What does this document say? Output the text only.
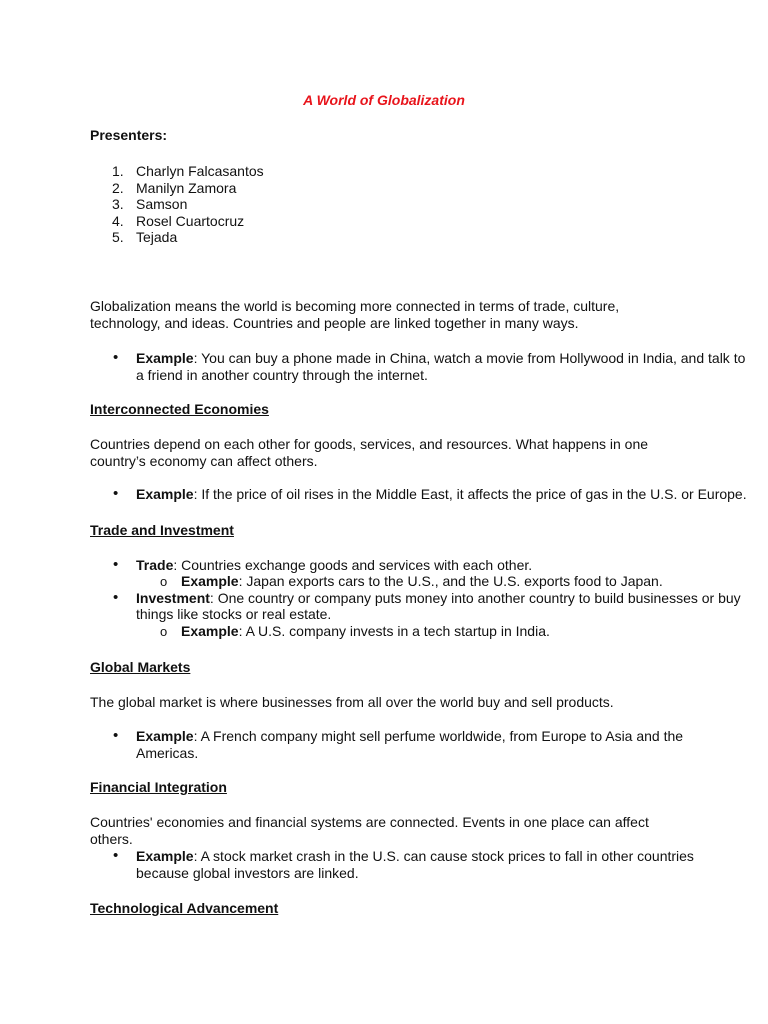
A World of Globalization
Presenters:
1. Charlyn Falcasantos
2. Manilyn Zamora
3. Samson
4. Rosel Cuartocruz
5. Tejada
Globalization means the world is becoming more connected in terms of trade, culture, technology, and ideas. Countries and people are linked together in many ways.
• Example: You can buy a phone made in China, watch a movie from Hollywood in India, and talk to
a friend in another country through the internet.
Interconnected Economies
Countries depend on each other for goods, services, and resources. What happens in one country’s economy can affect others.
• Example: If the price of oil rises in the Middle East, it affects the price of gas in the U.S. or Europe.
Trade and Investment
• Trade: Countries exchange goods and services with each other.
o Example: Japan exports cars to the U.S., and the U.S. exports food to Japan.
• Investment: One country or company puts money into another country to build businesses or buy
things like stocks or real estate.
o Example: A U.S. company invests in a tech startup in India.
Global Markets
The global market is where businesses from all over the world buy and sell products.
• Example: A French company might sell perfume worldwide, from Europe to Asia and the
Americas.
Financial Integration
Countries' economies and financial systems are connected. Events in one place can affect others.
• Example: A stock market crash in the U.S. can cause stock prices to fall in other countries
because global investors are linked.
Technological Advancement
